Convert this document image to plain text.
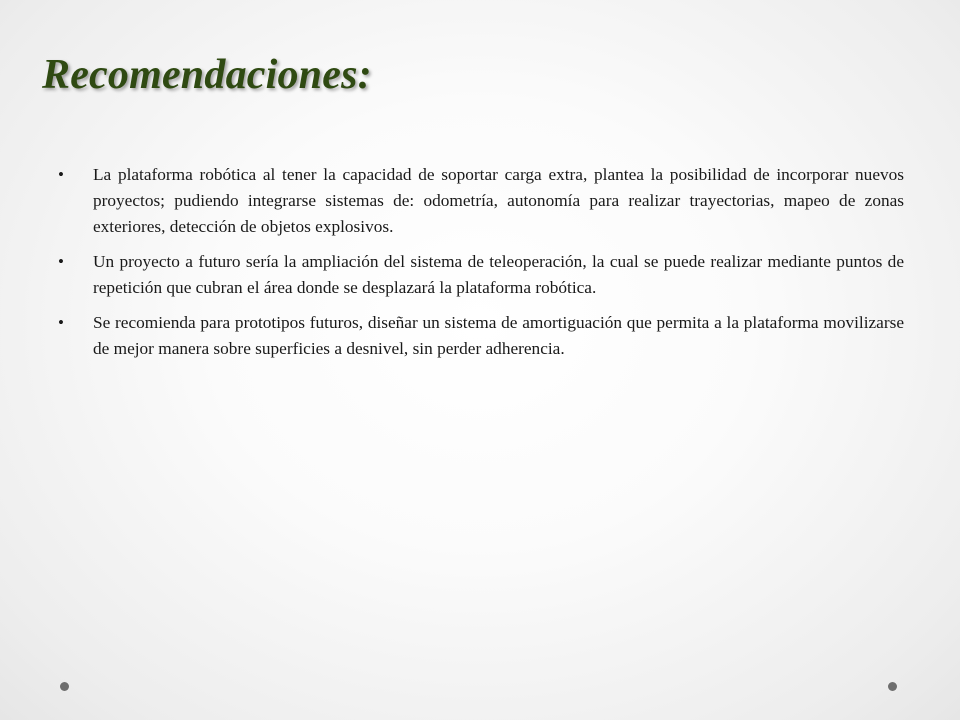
Recomendaciones:
•	La plataforma robótica al tener la capacidad de soportar carga extra, plantea la posibilidad de incorporar nuevos proyectos; pudiendo integrarse sistemas de: odometría, autonomía para realizar trayectorias, mapeo de zonas exteriores, detección de objetos explosivos.
•	Un proyecto a futuro sería la ampliación del sistema de teleoperación, la cual se puede realizar mediante puntos de repetición que cubran el área donde se desplazará la plataforma robótica.
•	Se recomienda para prototipos futuros, diseñar un sistema de amortiguación que permita a la plataforma movilizarse de mejor manera sobre superficies a desnivel, sin perder adherencia.
